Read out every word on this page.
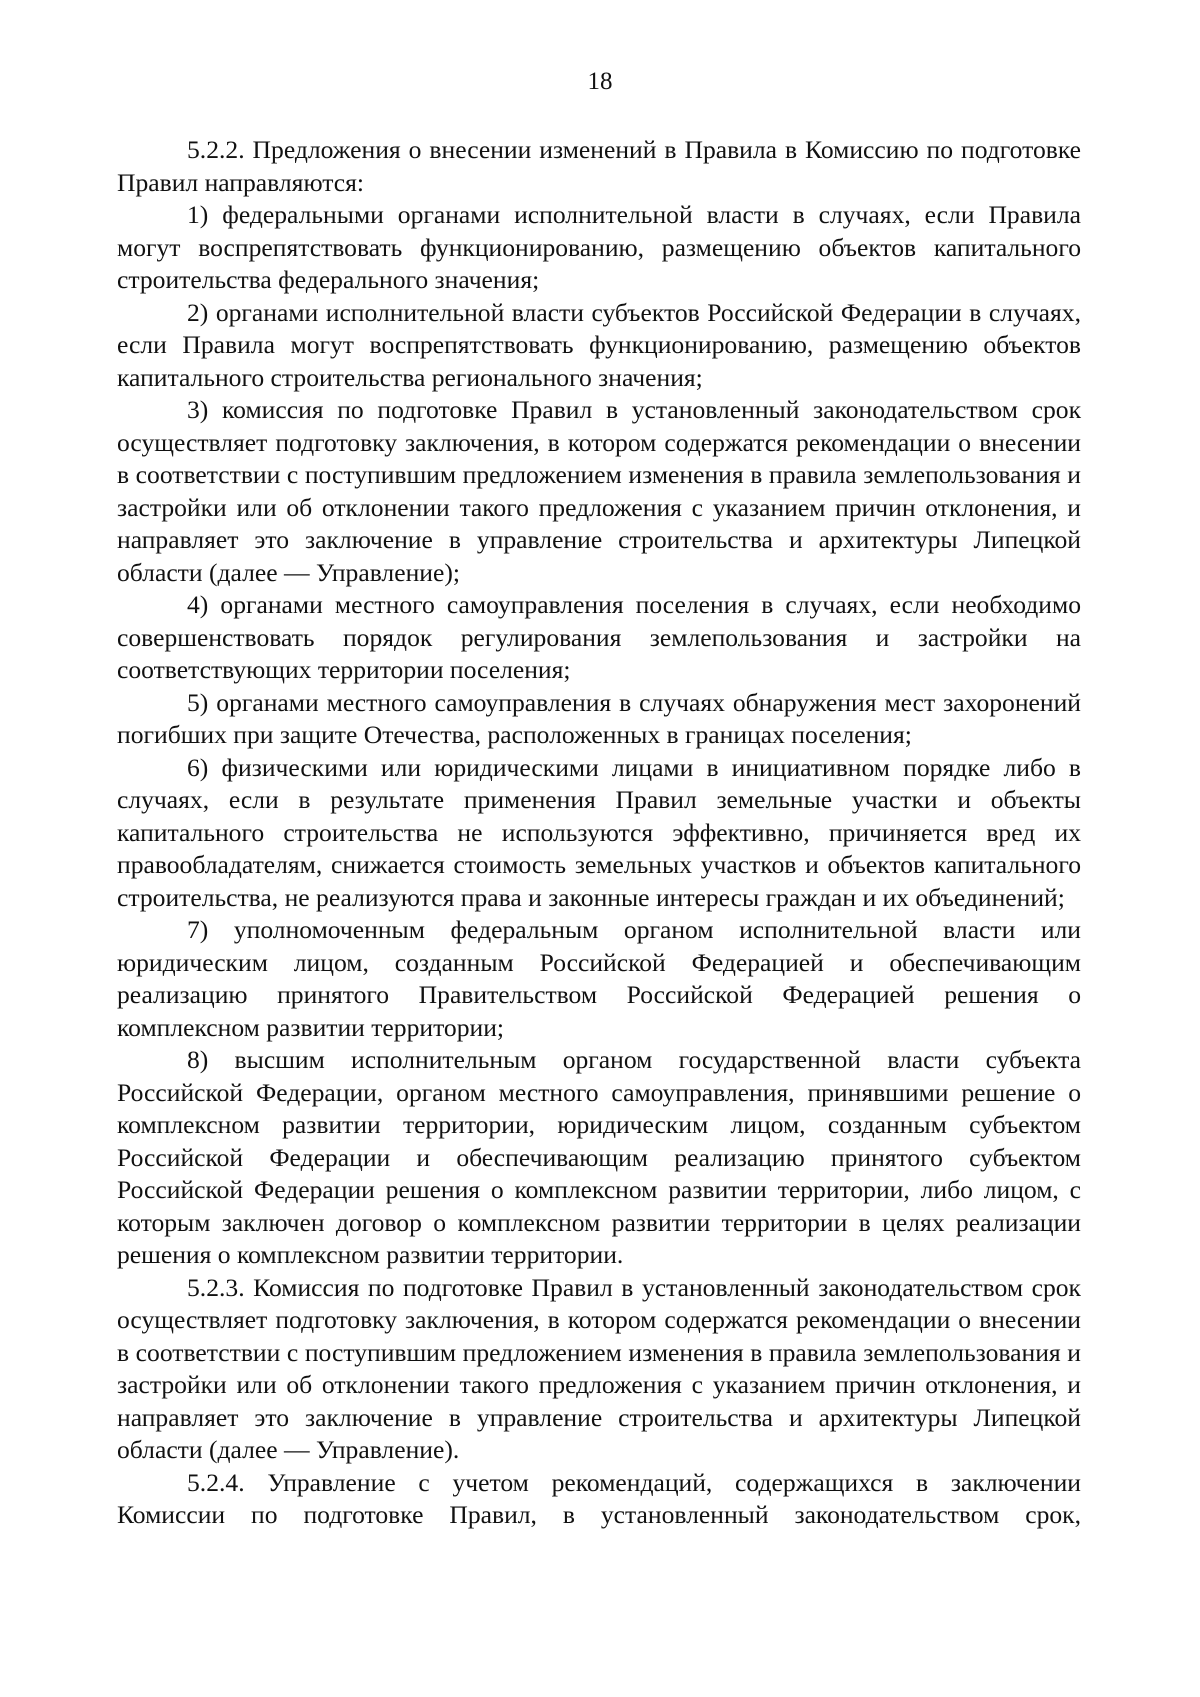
18

5.2.2. Предложения о внесении изменений в Правила в Комиссию по подготовке Правил направляются:

1) федеральными органами исполнительной власти в случаях, если Правила могут воспрепятствовать функционированию, размещению объектов капитального строительства федерального значения;

2) органами исполнительной власти субъектов Российской Федерации в случаях, если Правила могут воспрепятствовать функционированию, размещению объектов капитального строительства регионального значения;

3) комиссия по подготовке Правил в установленный законодательством срок осуществляет подготовку заключения, в котором содержатся рекомендации о внесении в соответствии с поступившим предложением изменения в правила землепользования и застройки или об отклонении такого предложения с указанием причин отклонения, и направляет это заключение в управление строительства и архитектуры Липецкой области (далее — Управление);

4) органами местного самоуправления поселения в случаях, если необходимо совершенствовать порядок регулирования землепользования и застройки на соответствующих территории поселения;

5) органами местного самоуправления в случаях обнаружения мест захоронений погибших при защите Отечества, расположенных в границах поселения;

6) физическими или юридическими лицами в инициативном порядке либо в случаях, если в результате применения Правил земельные участки и объекты капитального строительства не используются эффективно, причиняется вред их правообладателям, снижается стоимость земельных участков и объектов капитального строительства, не реализуются права и законные интересы граждан и их объединений;

7) уполномоченным федеральным органом исполнительной власти или юридическим лицом, созданным Российской Федерацией и обеспечивающим реализацию принятого Правительством Российской Федерацией решения о комплексном развитии территории;

8) высшим исполнительным органом государственной власти субъекта Российской Федерации, органом местного самоуправления, принявшими решение о комплексном развитии территории, юридическим лицом, созданным субъектом Российской Федерации и обеспечивающим реализацию принятого субъектом Российской Федерации решения о комплексном развитии территории, либо лицом, с которым заключен договор о комплексном развитии территории в целях реализации решения о комплексном развитии территории.

5.2.3. Комиссия по подготовке Правил в установленный законодательством срок осуществляет подготовку заключения, в котором содержатся рекомендации о внесении в соответствии с поступившим предложением изменения в правила землепользования и застройки или об отклонении такого предложения с указанием причин отклонения, и направляет это заключение в управление строительства и архитектуры Липецкой области (далее — Управление).

5.2.4. Управление с учетом рекомендаций, содержащихся в заключении Комиссии по подготовке Правил, в установленный законодательством срок,
